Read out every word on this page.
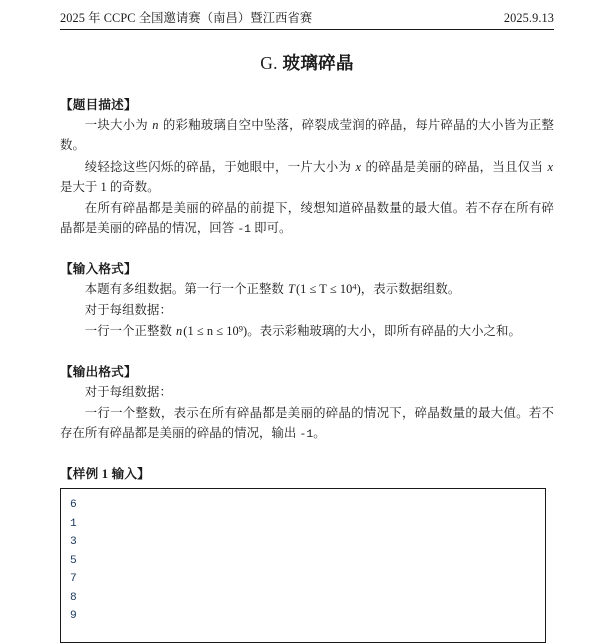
2025 年 CCPC 全国邀请赛（南昌）暨江西省赛	2025.9.13
G. 玻璃碎晶
【题目描述】

一块大小为 n 的彩釉玻璃自空中坠落，碎裂成莹润的碎晶，每片碎晶的大小皆为正整数。

绫轻捻这些闪烁的碎晶，于她眼中，一片大小为 x 的碎晶是美丽的碎晶，当且仅当 x 是大于 1 的奇数。

在所有碎晶都是美丽的碎晶的前提下，绫想知道碎晶数量的最大值。若不存在所有碎晶都是美丽的碎晶的情况，回答 -1 即可。

【输入格式】

本题有多组数据。第一行一个正整数 $T(1 \le T \le 10^4)$，表示数据组数。

对于每组数据：

一行一个正整数 $n(1 \le n \le 10^9)$。表示彩釉玻璃的大小，即所有碎晶的大小之和。

【输出格式】

对于每组数据：

一行一个整数，表示在所有碎晶都是美丽的碎晶的情况下，碎晶数量的最大值。若不存在所有碎晶都是美丽的碎晶的情况，输出 -1。

【样例 1 输入】
6
1
3
5
7
8
9
